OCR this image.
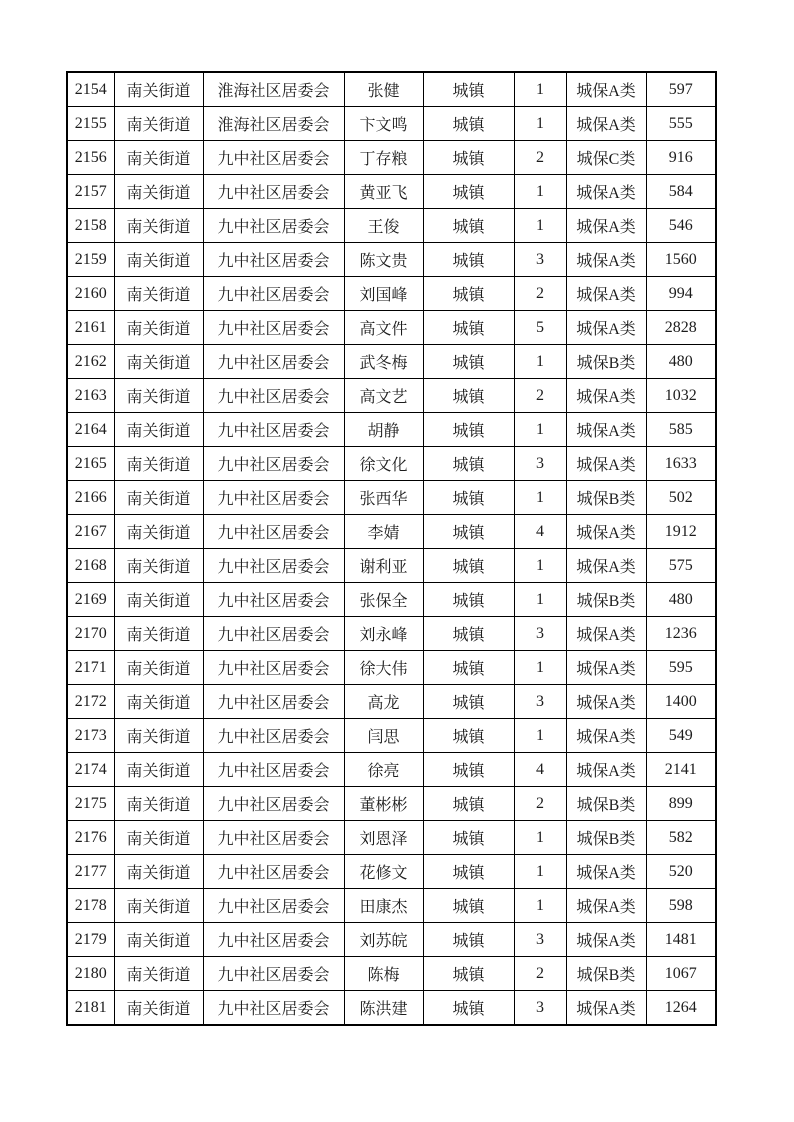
2154	南关街道	淮海社区居委会	张健	城镇	1	城保A类	597
2155	南关街道	淮海社区居委会	卞文鸣	城镇	1	城保A类	555
2156	南关街道	九中社区居委会	丁存粮	城镇	2	城保C类	916
2157	南关街道	九中社区居委会	黄亚飞	城镇	1	城保A类	584
2158	南关街道	九中社区居委会	王俊	城镇	1	城保A类	546
2159	南关街道	九中社区居委会	陈文贵	城镇	3	城保A类	1560
2160	南关街道	九中社区居委会	刘国峰	城镇	2	城保A类	994
2161	南关街道	九中社区居委会	高文件	城镇	5	城保A类	2828
2162	南关街道	九中社区居委会	武冬梅	城镇	1	城保B类	480
2163	南关街道	九中社区居委会	高文艺	城镇	2	城保A类	1032
2164	南关街道	九中社区居委会	胡静	城镇	1	城保A类	585
2165	南关街道	九中社区居委会	徐文化	城镇	3	城保A类	1633
2166	南关街道	九中社区居委会	张西华	城镇	1	城保B类	502
2167	南关街道	九中社区居委会	李婧	城镇	4	城保A类	1912
2168	南关街道	九中社区居委会	谢利亚	城镇	1	城保A类	575
2169	南关街道	九中社区居委会	张保全	城镇	1	城保B类	480
2170	南关街道	九中社区居委会	刘永峰	城镇	3	城保A类	1236
2171	南关街道	九中社区居委会	徐大伟	城镇	1	城保A类	595
2172	南关街道	九中社区居委会	高龙	城镇	3	城保A类	1400
2173	南关街道	九中社区居委会	闫思	城镇	1	城保A类	549
2174	南关街道	九中社区居委会	徐亮	城镇	4	城保A类	2141
2175	南关街道	九中社区居委会	董彬彬	城镇	2	城保B类	899
2176	南关街道	九中社区居委会	刘恩泽	城镇	1	城保B类	582
2177	南关街道	九中社区居委会	花修文	城镇	1	城保A类	520
2178	南关街道	九中社区居委会	田康杰	城镇	1	城保A类	598
2179	南关街道	九中社区居委会	刘苏皖	城镇	3	城保A类	1481
2180	南关街道	九中社区居委会	陈梅	城镇	2	城保B类	1067
2181	南关街道	九中社区居委会	陈洪建	城镇	3	城保A类	1264
